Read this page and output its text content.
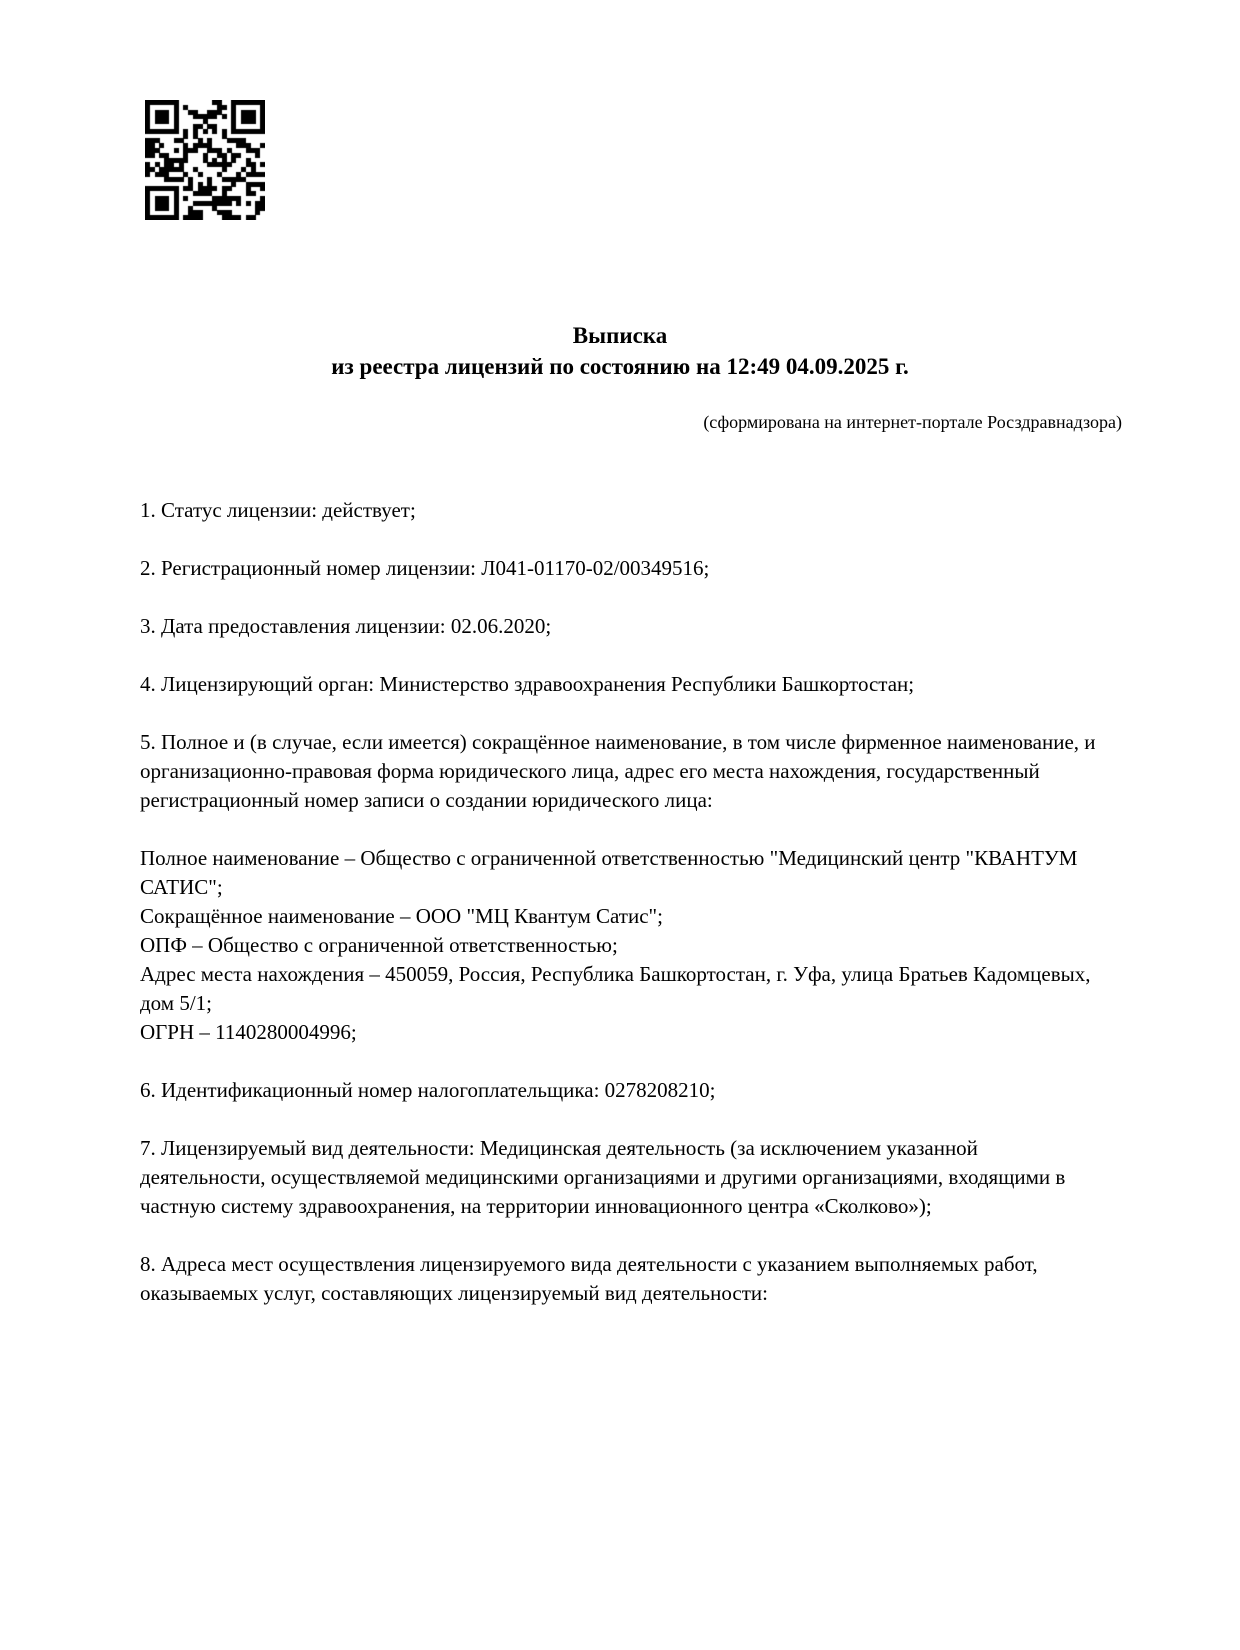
Выписка
из реестра лицензий по состоянию на 12:49 04.09.2025 г.
(сформирована на интернет-портале Росздравнадзора)

1. Статус лицензии: действует;

2. Регистрационный номер лицензии: Л041-01170-02/00349516;

3. Дата предоставления лицензии: 02.06.2020;

4. Лицензирующий орган: Министерство здравоохранения Республики Башкортостан;

5. Полное и (в случае, если имеется) сокращённое наименование, в том числе фирменное наименование, и организационно-правовая форма юридического лица, адрес его места нахождения, государственный регистрационный номер записи о создании юридического лица:

Полное наименование – Общество с ограниченной ответственностью "Медицинский центр "КВАНТУМ САТИС";
Сокращённое наименование – ООО "МЦ Квантум Сатис";
ОПФ – Общество с ограниченной ответственностью;
Адрес места нахождения – 450059, Россия, Республика Башкортостан, г. Уфа, улица Братьев Кадомцевых, дом 5/1;
ОГРН – 1140280004996;

6. Идентификационный номер налогоплательщика: 0278208210;

7. Лицензируемый вид деятельности: Медицинская деятельность (за исключением указанной деятельности, осуществляемой медицинскими организациями и другими организациями, входящими в частную систему здравоохранения, на территории инновационного центра «Сколково»);

8. Адреса мест осуществления лицензируемого вида деятельности с указанием выполняемых работ, оказываемых услуг, составляющих лицензируемый вид деятельности:
